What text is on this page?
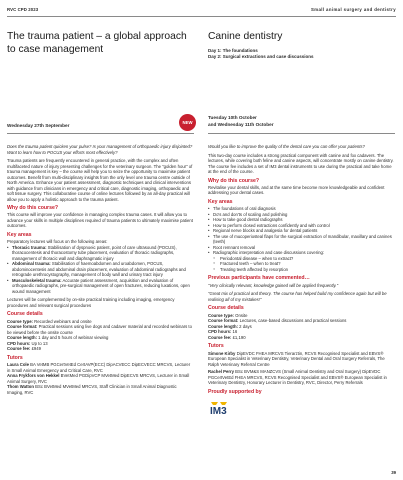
RVC CPD 2023	Small animal surgery and dentistry
The trauma patient – a global approach to case management
Canine dentistry
Day 1: The foundations
Day 2: Surgical extractions and case discussions
Wednesday 27th September
NEW
Tuesday 10th October
and Wednesday 11th October

Does the trauma patient quicken your pulse? Is your management of orthopaedic injury disjointed? Want to learn how to POCUS your efforts most effectively?

Trauma patients are frequently encountered in general practice, with the complex and often multifaceted nature of injury presenting challenges for the veterinary surgeon. The "golden hour" of trauma management is key – the course will help you to seize the opportunity to maximise patient outcomes. Benefit from multi-disciplinary insights from the only level one trauma centre outside of North America. Enhance your patient assessment, diagnostic techniques and clinical interventions with guidance from clinicians in emergency and critical care, diagnostic imaging, orthopaedic and soft tissue surgery. This collaborative course of online lectures followed by an all-day practical will allow you to apply a holistic approach to the trauma patient.

Why do this course?

This course will improve your confidence in managing complex trauma cases. It will allow you to advance your skills in multiple disciplines required of trauma patients to ultimately maximise patient outcomes.

Key areas

Preparatory lectures will focus on the following areas:

• Thoracic trauma: Stabilisation of dyspnoeic patient, point of care ultrasound (POCUS), thoracocentesis and thoracostomy tube placement, evaluation of thoracic radiographs, management of thoracic wall and diaphragmatic injury
• Abdominal trauma: Stabilisation of haemoabdomen and uroabdomen, POCUS, abdominocentesis and abdominal drain placement, evaluation of abdominal radiographs and retrograde urethrocystography, management of body wall and urinary tract injury
• Musculoskeletal trauma: Accurate patient assessment, acquisition and evaluation of orthopaedic radiographs, pre-surgical management of open fractures, reducing luxations, open wound management

Lectures will be complemented by on-site practical training including imaging, emergency procedures and relevant surgical procedures

Course details
Course type: Recorded webinars and onsite
Course format: Practical sessions using live dogs and cadaver material and recorded webinars to be viewed before the onsite course
Course length: 1 day and 5 hours of webinar viewing
CPD hours: Up to 13
Course fee: £949
Tutors
Laura Cole BA VetMB PGCertVetEd CertAVP(ECC) DipACVECC DipECVECC MRCVS, Lecturer in Small Animal Emergency and Critical Care, RVC
Anna Frykfors von Hekkel BVetMed PGDipVCP MVetMed DipECVS MRCVS, Lecturer in Small Animal Surgery, RVC
Thom Watton BSc BVetMed MVetMed MRCVS, Staff Clinician in Small Animal Diagnostic Imaging, RVC

Would you like to improve the quality of the dental care you can offer your patients?

This two-day course includes a strong practical component with canine and fox cadavers. The lectures, while covering both feline and canine aspects, will concentrate mostly on canine dentistry. The course fee includes a set of IM3 dental instruments to use during the practical and take home at the end of the course.

Why do this course?

Revitalise your dental skills, and at the same time become more knowledgeable and confident addressing your dental cases.

Key areas
• The foundations of oral diagnosis
• Do's and don'ts of scaling and polishing
• How to take good dental radiographs
• How to perform closed extractions confidently and with control
• Regional nerve blocks and analgesia for dental patients
• The use of mucoperiosteal flaps for the surgical extraction of mandibular, maxillary and canines (teeth)
• Root remnant removal
• Radiographic interpretation and case discussions covering:
○ Periodontal disease – when to extract?
○ Fractured teeth – when to treat?
○ Treating teeth affected by resorption
Previous participants have commented…

"Very clinically relevant, knowledge gained will be applied frequently."

"Great mix of practical and theory. The course has helped build my confidence again but will be realising all of my mistakes!"

Course details
Course type: Onsite
Course format: Lectures, case-based discussions and practical sessions
Course length: 2 days
CPD hours: 16
Course fee: £1,190
Tutors
Simone Kirby DipEVDC FHEA MRCVS Tierarztin, RCVS Recognised Specialist and EBVS® European Specialist in Veterinary Dentistry, Veterinary Dental and Oral Surgery Referrals, The Ralph Veterinary Referral Centre
Rachel Perry BSc BVM&S MANZCVS (Small Animal Dentistry and Oral Surgery) DipEVDC PGCertVetEd FHEA MRCVS, RCVS Recognised Specialist and EBVS® European Specialist in Veterinary Dentistry, Honorary Lecturer in Dentistry, RVC, Director, Perry Referrals
Proudly supported by
IM3
39
